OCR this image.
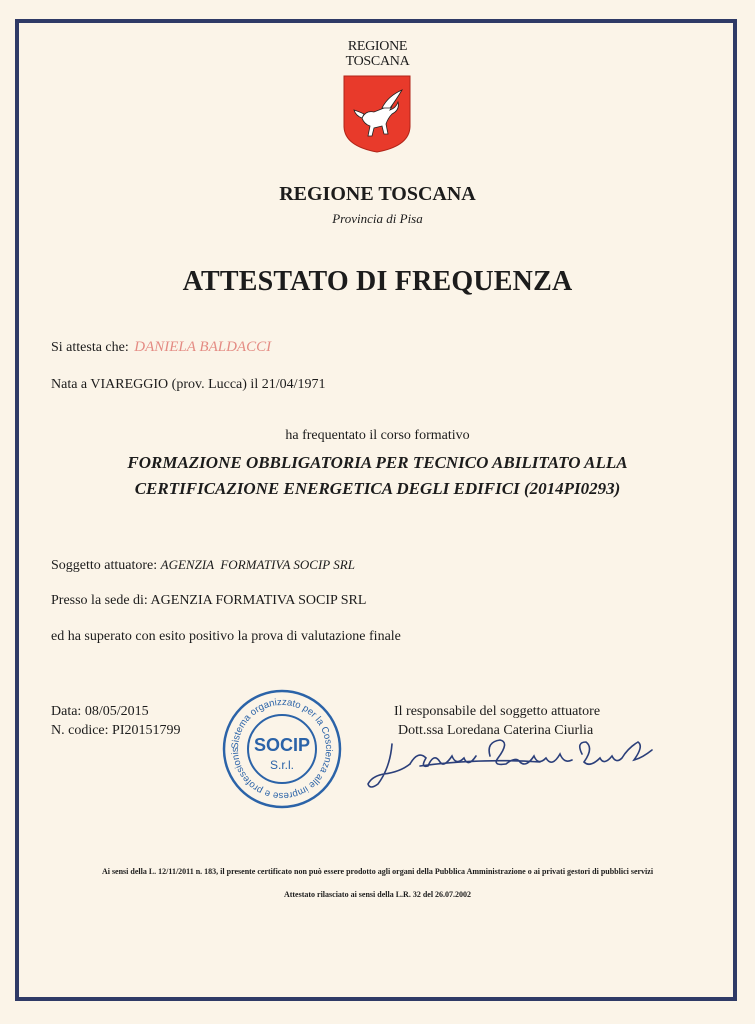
REGIONE
TOSCANA
REGIONE TOSCANA
Provincia di Pisa
ATTESTATO DI FREQUENZA
Si attesta che: DANIELA BALDACCI
Nata a VIAREGGIO (prov. Lucca) il 21/04/1971
ha frequentato il corso formativo
FORMAZIONE OBBLIGATORIA PER TECNICO ABILITATO ALLA
CERTIFICAZIONE ENERGETICA DEGLI EDIFICI (2014PI0293)
Soggetto attuatore: AGENZIA  FORMATIVA SOCIP SRL
Presso la sede di: AGENZIA FORMATIVA SOCIP SRL
ed ha superato con esito positivo la prova di valutazione finale
Data: 08/05/2015
N. codice: PI20151799
Sistema organizzato per la Coscienza alle imprese e professionis SOCIP
S.r.l.
Il responsabile del soggetto attuatore
Dott.ssa Loredana Caterina Ciurlia
Ai sensi della L. 12/11/2011 n. 183, il presente certificato non può essere prodotto agli organi della Pubblica Amministrazione o ai privati gestori di pubblici servizi
Attestato rilasciato ai sensi della L.R. 32 del 26.07.2002
